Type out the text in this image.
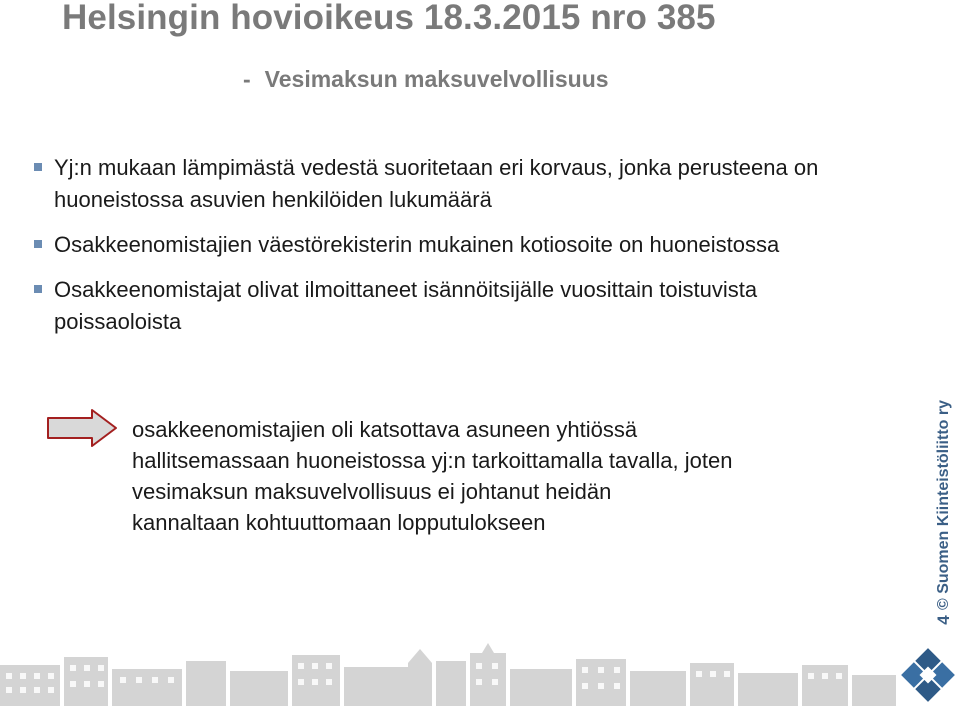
Helsingin hovioikeus 18.3.2015 nro 385
- Vesimaksun maksuvelvollisuus
Yj:n mukaan lämpimästä vedestä suoritetaan eri korvaus, jonka perusteena on huoneistossa asuvien henkilöiden lukumäärä
Osakkeenomistajien väestörekisterin mukainen kotiosoite on huoneistossa
Osakkeenomistajat olivat ilmoittaneet isännöitsijälle vuosittain toistuvista poissaoloista
osakkeenomistajien oli katsottava asuneen yhtiössä
hallitsemassaan huoneistossa yj:n tarkoittamalla tavalla, joten
vesimaksun maksuvelvollisuus ei johtanut heidän
kannaltaan kohtuuttomaan lopputulokseen	© Suomen Kiinteistöliitto ry
4
